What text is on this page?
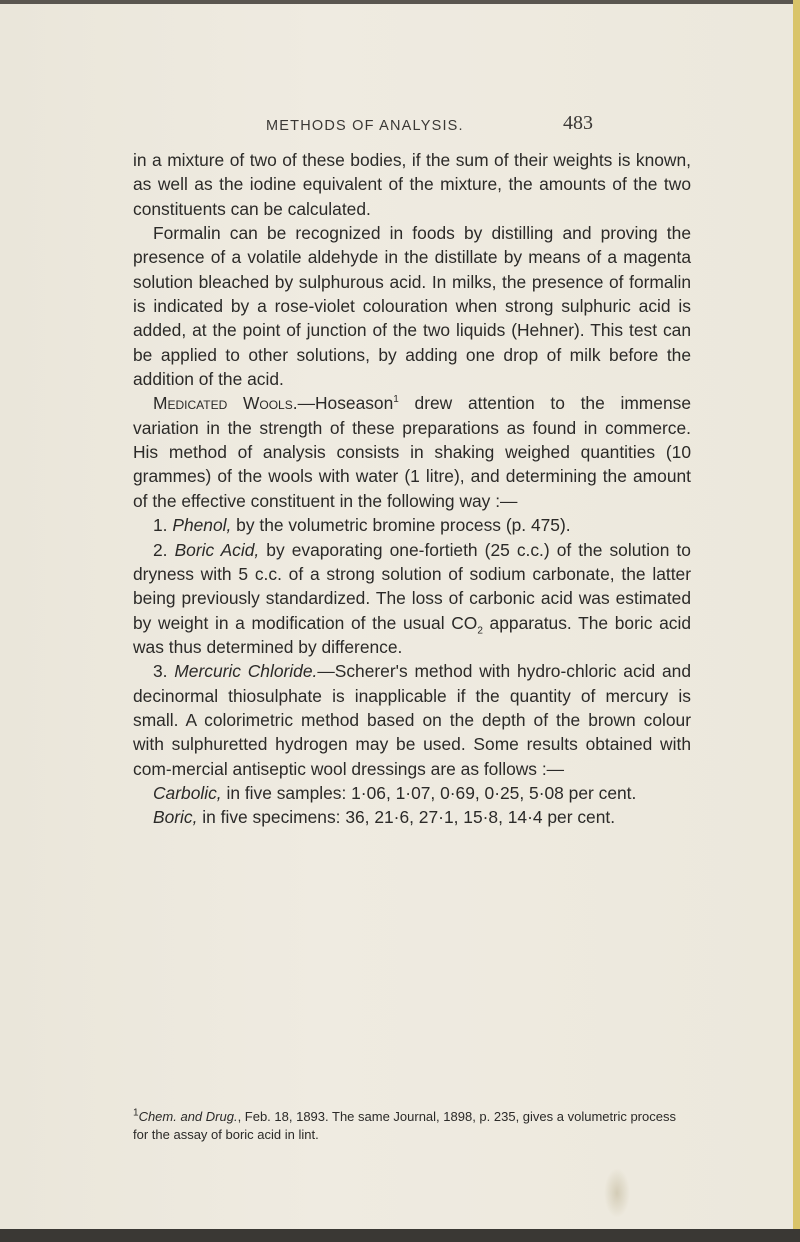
METHODS OF ANALYSIS.	483

in a mixture of two of these bodies, if the sum of their weights is known, as well as the iodine equivalent of the mixture, the amounts of the two constituents can be calculated.

Formalin can be recognized in foods by distilling and proving the presence of a volatile aldehyde in the distillate by means of a magenta solution bleached by sulphurous acid. In milks, the presence of formalin is indicated by a rose-violet colouration when strong sulphuric acid is added, at the point of junction of the two liquids (Hehner). This test can be applied to other solutions, by adding one drop of milk before the addition of the acid.

Medicated Wools.—Hoseason$^1$ drew attention to the immense variation in the strength of these preparations as found in commerce. His method of analysis consists in shaking weighed quantities (10 grammes) of the wools with water (1 litre), and determining the amount of the effective constituent in the following way :—

1. Phenol, by the volumetric bromine process (p. 475).

2. Boric Acid, by evaporating one-fortieth (25 c.c.) of the solution to dryness with 5 c.c. of a strong solution of sodium carbonate, the latter being previously standardized. The loss of carbonic acid was estimated by weight in a modification of the usual $CO_2$ apparatus. The boric acid was thus determined by difference.

3. Mercuric Chloride.—Scherer's method with hydro-chloric acid and decinormal thiosulphate is inapplicable if the quantity of mercury is small. A colorimetric method based on the depth of the brown colour with sulphuretted hydrogen may be used. Some results obtained with com-mercial antiseptic wool dressings are as follows :—

Carbolic, in five samples: 1·06, 1·07, 0·69, 0·25, 5·08 per cent.

Boric, in five specimens: 36, 21·6, 27·1, 15·8, 14·4 per cent.

$^1$Chem. and Drug., Feb. 18, 1893. The same Journal, 1898, p. 235, gives a volumetric process for the assay of boric acid in lint.
